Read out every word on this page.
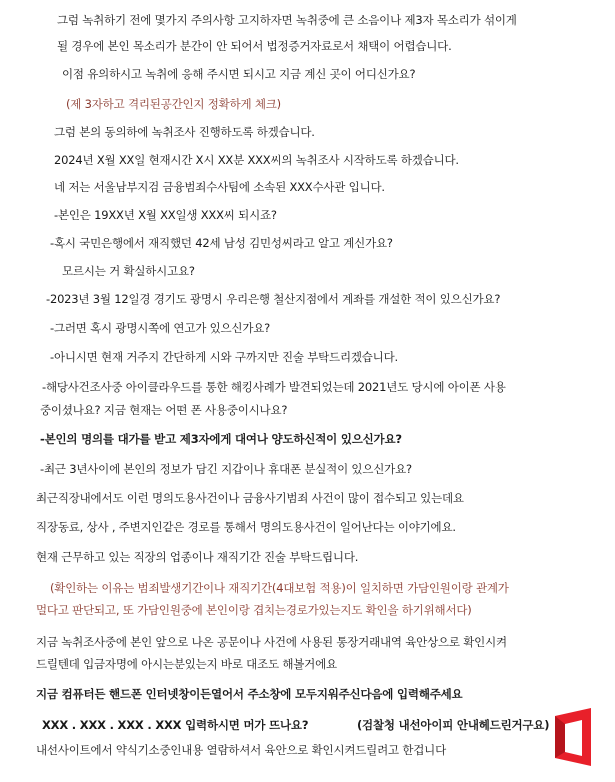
그럼 녹취하기 전에 몇가지 주의사항 고지하자면 녹취중에 큰 소음이나 제3자 목소리가 섞이게
될 경우에 본인 목소리가 분간이 안 되어서 법정증거자료로서 채택이 어렵습니다.
이점 유의하시고 녹취에 응해 주시면 되시고 지금 계신 곳이 어디신가요?
(제 3자하고 격리된공간인지 정확하게 체크)
그럼 본의 동의하에 녹취조사 진행하도록 하겠습니다.
2024년 X월 XX일 현재시간 X시 XX분 XXX씨의 녹취조사 시작하도록 하겠습니다.
네 저는 서울남부지검 금융범죄수사팀에 소속된 XXX수사관 입니다.
-본인은 19XX년 X월 XX일생 XXX씨 되시죠?
-혹시 국민은행에서 재직했던 42세 남성 김민성씨라고 알고 계신가요?
모르시는 거 확실하시고요?
-2023년 3월 12일경 경기도 광명시 우리은행 철산지점에서 계좌를 개설한 적이 있으신가요?
-그러면 혹시 광명시쪽에 연고가 있으신가요?
-아니시면 현재 거주지 간단하게 시와 구까지만 진술 부탁드리겠습니다.
-해당사건조사중 아이클라우드를 통한 해킹사례가 발견되었는데 2021년도 당시에 아이폰 사용
중이셨나요? 지금 현재는 어떤 폰 사용중이시나요?
-본인의 명의를 대가를 받고 제3자에게 대여나 양도하신적이 있으신가요?
-최근 3년사이에 본인의 정보가 담긴 지갑이나 휴대폰 분실적이 있으신가요?
최근직장내에서도 이런 명의도용사건이나 금융사기범죄 사건이 많이 접수되고 있는데요
직장동료, 상사 , 주변지인같은 경로를 통해서 명의도용사건이 일어난다는 이야기에요.
현재 근무하고 있는 직장의 업종이나 재직기간 진술 부탁드립니다.
(확인하는 이유는 범죄발생기간이나 재직기간(4대보험 적용)이 일치하면 가담인원이랑 관계가
멀다고 판단되고, 또 가담인원중에 본인이랑 겹치는경로가있는지도 확인을 하기위해서다)
지금 녹취조사중에 본인 앞으로 나온 공문이나 사건에 사용된 통장거래내역 육안상으로 확인시켜
드릴텐데 입금자명에 아시는분있는지 바로 대조도 해볼거에요
지금 컴퓨터든 핸드폰 인터넷창이든열어서 주소창에 모두지워주신다음에 입력해주세요
XXX . XXX . XXX . XXX 입력하시면 머가 뜨나요?	(검찰청 내선아이피 안내헤드린거구요)
내선사이트에서 약식기소중인내용 열람하셔서 육안으로 확인시켜드릴려고 한겁니다
